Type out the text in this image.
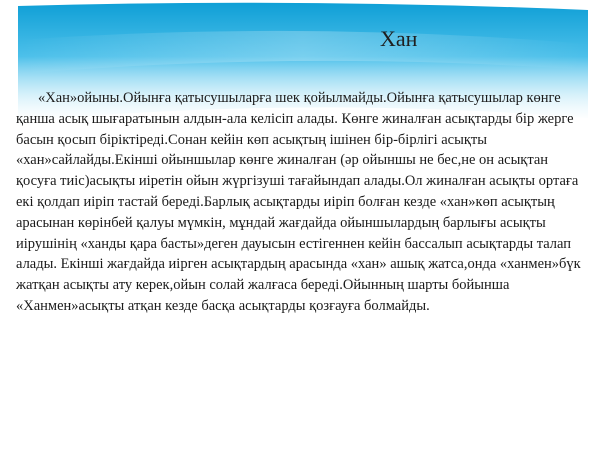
Хан

«Хан»ойыны.Ойынға қатысушыларға шек қойылмайды.Ойынға қатысушылар көнге қанша асық шығаратынын алдын-ала келісіп алады. Көнге жиналған асықтарды бір жерге басын қосып біріктіреді.Сонан кейін көп асықтың ішінен бір-бірлігі асықты «хан»сайлайды.Екінші ойыншылар көнге жиналған (әр ойыншы не бес,не он асықтан қосуға тиіс)асықты иіретін ойын жүргізуші тағайындап алады.Ол жиналған асықты ортаға екі қолдап иіріп тастай береді.Барлық асықтарды иіріп болған кезде «хан»көп асықтың арасынан көрінбей қалуы мүмкін, мұндай жағдайда ойыншылардың барлығы асықты иірушінің «ханды қара басты»деген дауысын естігеннен кейін бассалып асықтарды талап алады. Екінші жағдайда иірген асықтардың арасында «хан» ашық жатса,онда «ханмен»бүк жатқан асықты ату керек,ойын солай жалғаса береді.Ойынның шарты бойынша «Ханмен»асықты атқан кезде басқа асықтарды қозғауға болмайды.
